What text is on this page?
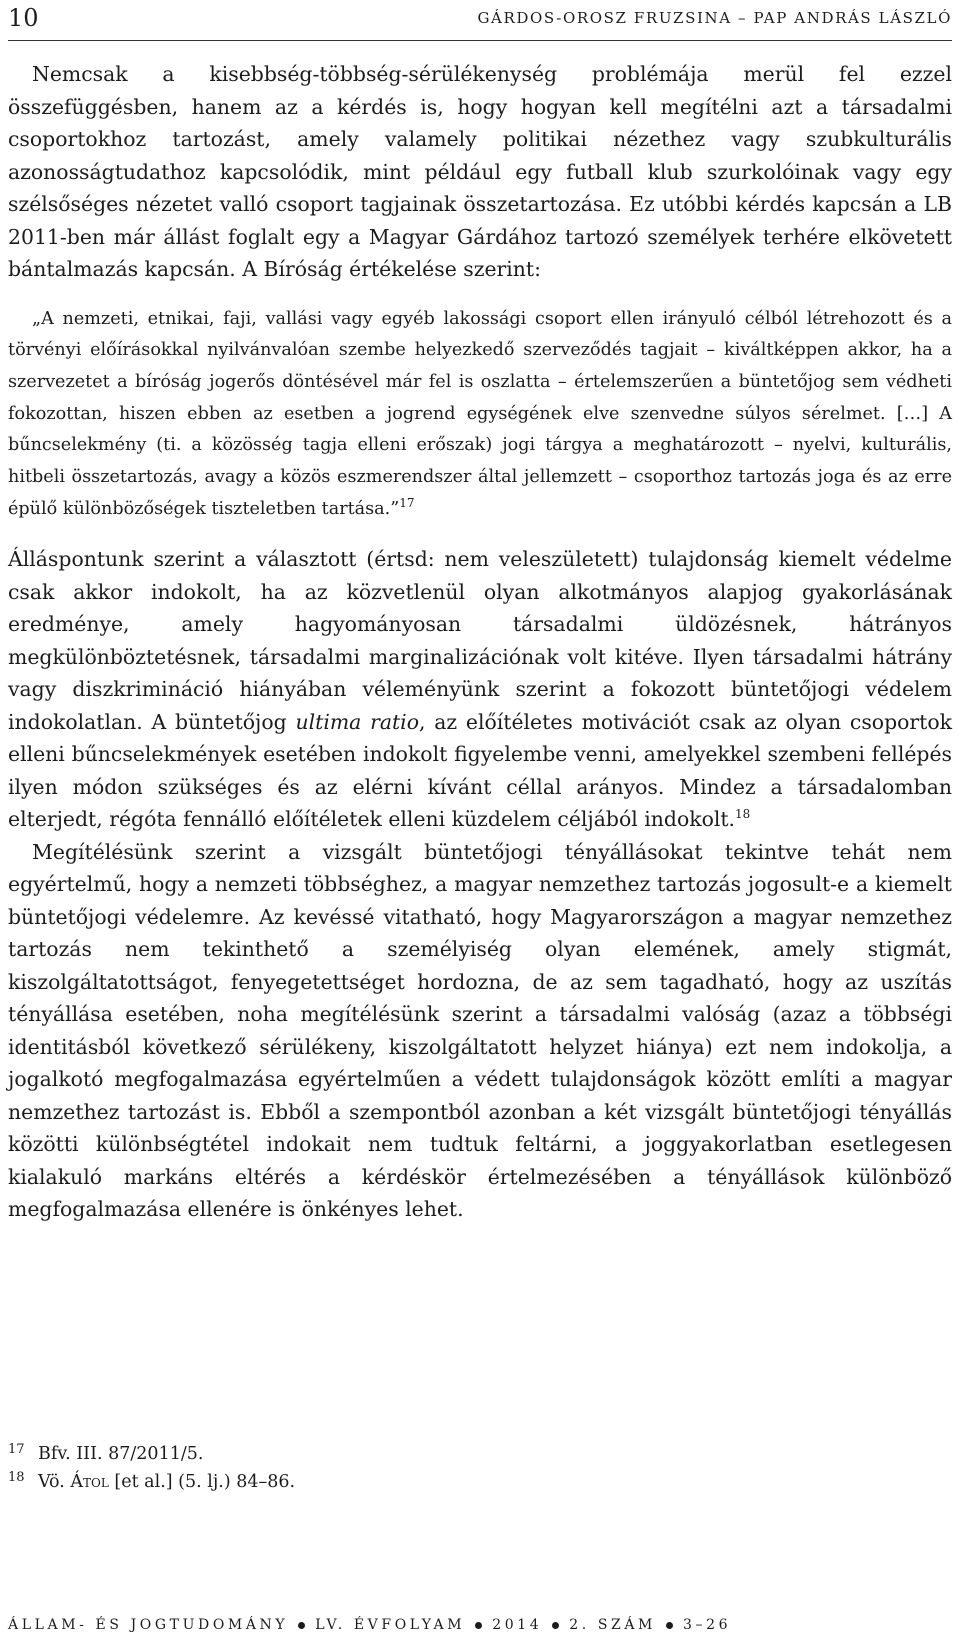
10	GÁRDOS-OROSZ FRUZSINA – PAP ANDRÁS LÁSZLÓ

Nemcsak a kisebbség-többség-sérülékenység problémája merül fel ezzel összefüggésben, hanem az a kérdés is, hogy hogyan kell megítélni azt a társadalmi csoportokhoz tartozást, amely valamely politikai nézethez vagy szubkulturális azonosságtudathoz kapcsolódik, mint például egy futball klub szurkolóinak vagy egy szélsőséges nézetet valló csoport tagjainak összetartozása. Ez utóbbi kérdés kapcsán a LB 2011-ben már állást foglalt egy a Magyar Gárdához tartozó személyek terhére elkövetett bántalmazás kapcsán. A Bíróság értékelése szerint:

„A nemzeti, etnikai, faji, vallási vagy egyéb lakossági csoport ellen irányuló célból létrehozott és a törvényi előírásokkal nyilvánvalóan szembe helyezkedő szerveződés tagjait – kiváltképpen akkor, ha a szervezetet a bíróság jogerős döntésével már fel is oszlatta – értelemszerűen a büntetőjog sem védheti fokozottan, hiszen ebben az esetben a jogrend egységének elve szenvedne súlyos sérelmet. […] A bűncselekmény (ti. a közösség tagja elleni erőszak) jogi tárgya a meghatározott – nyelvi, kulturális, hitbeli összetartozás, avagy a közös eszmerendszer által jellemzett – csoporthoz tartozás joga és az erre épülő különbözőségek tiszteletben tartása.”$^{17}$

Álláspontunk szerint a választott (értsd: nem veleszületett) tulajdonság kiemelt védelme csak akkor indokolt, ha az közvetlenül olyan alkotmányos alapjog gyakorlásának eredménye, amely hagyományosan társadalmi üldözésnek, hátrányos megkülönböztetésnek, társadalmi marginalizációnak volt kitéve. Ilyen társadalmi hátrány vagy diszkrimináció hiányában véleményünk szerint a fokozott büntetőjogi védelem indokolatlan. A büntetőjog ultima ratio, az előítéletes motivációt csak az olyan csoportok elleni bűncselekmények esetében indokolt figyelembe venni, amelyekkel szembeni fellépés ilyen módon szükséges és az elérni kívánt céllal arányos. Mindez a társadalomban elterjedt, régóta fennálló előítéletek elleni küzdelem céljából indokolt.$^{18}$

Megítélésünk szerint a vizsgált büntetőjogi tényállásokat tekintve tehát nem egyértelmű, hogy a nemzeti többséghez, a magyar nemzethez tartozás jogosult-e a kiemelt büntetőjogi védelemre. Az kevéssé vitatható, hogy Magyarországon a magyar nemzethez tartozás nem tekinthető a személyiség olyan elemének, amely stigmát, kiszolgáltatottságot, fenyegetettséget hordozna, de az sem tagadható, hogy az uszítás tényállása esetében, noha megítélésünk szerint a társadalmi valóság (azaz a többségi identitásból következő sérülékeny, kiszolgáltatott helyzet hiánya) ezt nem indokolja, a jogalkotó megfogalmazása egyértelműen a védett tulajdonságok között említi a magyar nemzethez tartozást is. Ebből a szempontból azonban a két vizsgált büntetőjogi tényállás közötti különbségtétel indokait nem tudtuk feltárni, a joggyakorlatban esetlegesen kialakuló markáns eltérés a kérdéskör értelmezésében a tényállások különböző megfogalmazása ellenére is önkényes lehet.

17 Bfv. III. 87/2011/5.
18 Vö. Átol [et al.] (5. lj.) 84–86.
ÁLLAM- ÉS JOGTUDOMÁNY LV. ÉVFOLYAM 2014 2. SZÁM 3–26
